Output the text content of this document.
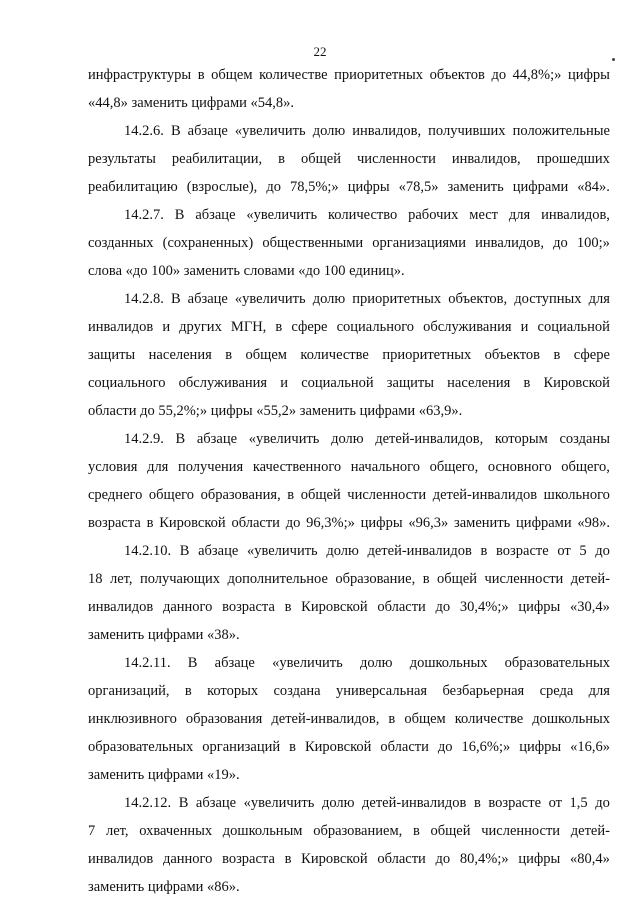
22
инфраструктуры в общем количестве приоритетных объектов до 44,8%;» цифры
«44,8» заменить цифрами «54,8».
14.2.6. В абзаце «увеличить долю инвалидов, получивших положительные
результаты реабилитации, в общей численности инвалидов, прошедших
реабилитацию (взрослые), до 78,5%;» цифры «78,5» заменить цифрами «84».
14.2.7. В абзаце «увеличить количество рабочих мест для инвалидов,
созданных (сохраненных) общественными организациями инвалидов, до 100;»
слова «до 100» заменить словами «до 100 единиц».
14.2.8. В абзаце «увеличить долю приоритетных объектов, доступных для
инвалидов и других МГН, в сфере социального обслуживания и социальной
защиты населения в общем количестве приоритетных объектов в сфере
социального обслуживания и социальной защиты населения в Кировской
области до 55,2%;» цифры «55,2» заменить цифрами «63,9».
14.2.9. В абзаце «увеличить долю детей-инвалидов, которым созданы
условия для получения качественного начального общего, основного общего,
среднего общего образования, в общей численности детей-инвалидов школьного
возраста в Кировской области до 96,3%;» цифры «96,3» заменить цифрами «98».
14.2.10. В абзаце «увеличить долю детей-инвалидов в возрасте от 5 до
18 лет, получающих дополнительное образование, в общей численности детей-
инвалидов данного возраста в Кировской области до 30,4%;» цифры «30,4»
заменить цифрами «38».
14.2.11. В абзаце «увеличить долю дошкольных образовательных
организаций, в которых создана универсальная безбарьерная среда для
инклюзивного образования детей-инвалидов, в общем количестве дошкольных
образовательных организаций в Кировской области до 16,6%;» цифры «16,6»
заменить цифрами «19».
14.2.12. В абзаце «увеличить долю детей-инвалидов в возрасте от 1,5 до
7 лет, охваченных дошкольным образованием, в общей численности детей-
инвалидов данного возраста в Кировской области до 80,4%;» цифры «80,4»
заменить цифрами «86».
